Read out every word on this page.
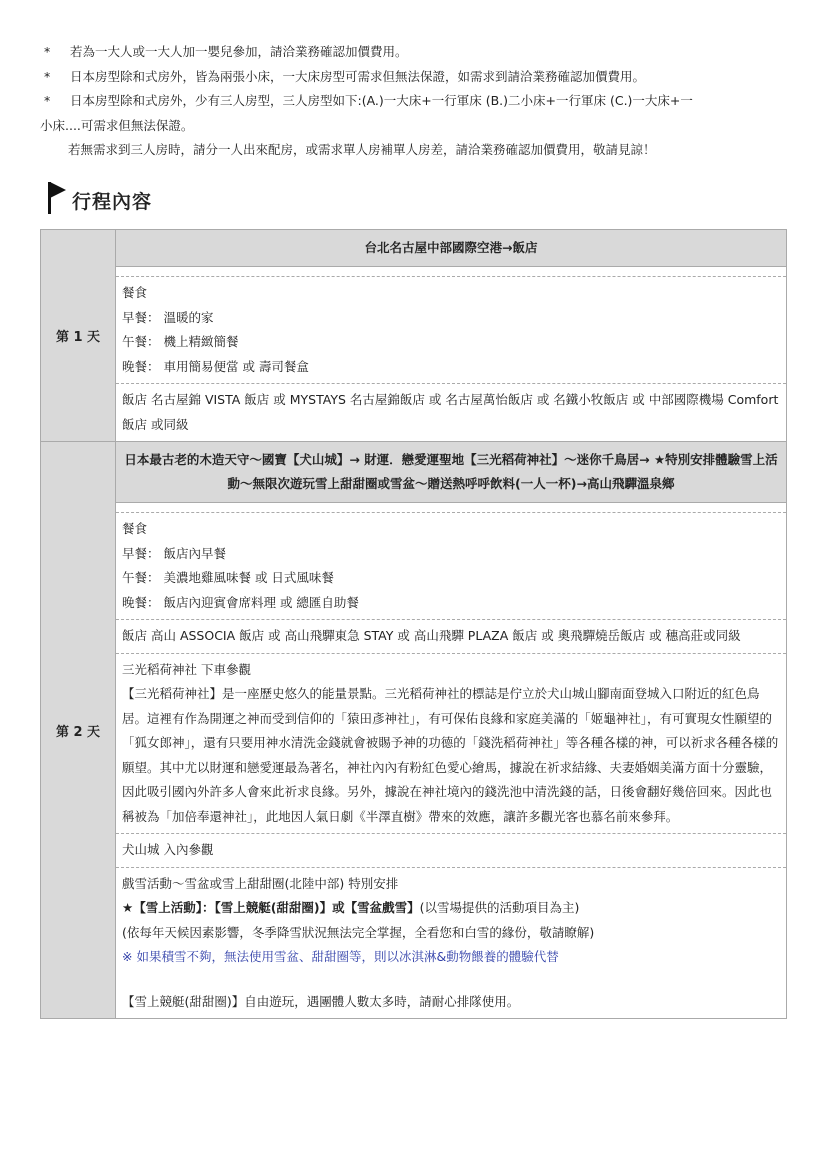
*	若為一大人或一大人加一嬰兒參加，請洽業務確認加價費用。
*	日本房型除和式房外，皆為兩張小床，一大床房型可需求但無法保證，如需求到請洽業務確認加價費用。
*	日本房型除和式房外，少有三人房型，三人房型如下:(A.)一大床+一行軍床 (B.)二小床+一行軍床 (C.)一大床+一
小床....可需求但無法保證。
若無需求到三人房時，請分一人出來配房，或需求單人房補單人房差，請洽業務確認加價費用，敬請見諒！
行程內容
第 1 天
台北名古屋中部國際空港→飯店
餐食
早餐： 溫暖的家
午餐： 機上精緻簡餐
晚餐： 車用簡易便當 或 壽司餐盒
飯店 名古屋錦 VISTA 飯店 或 MYSTAYS 名古屋錦飯店 或 名古屋萬怡飯店 或 名鐵小牧飯店 或 中部國際機場 Comfort 飯店 或同級
第 2 天
日本最古老的木造天守～國寶【犬山城】→ 財運．戀愛運聖地【三光稻荷神社】～迷你千鳥居→ ★特別安排體驗雪上活動～無限次遊玩雪上甜甜圈或雪盆～贈送熱呼呼飲料(一人一杯)→高山飛驒溫泉鄉
餐食
早餐： 飯店內早餐
午餐： 美濃地雞風味餐 或 日式風味餐
晚餐： 飯店內迎賓會席料理 或 總匯自助餐
飯店 高山 ASSOCIA 飯店 或 高山飛驒東急 STAY 或 高山飛驒 PLAZA 飯店 或 奧飛驒燒岳飯店 或 穗高莊或同級
三光稻荷神社 下車參觀
【三光稻荷神社】是一座歷史悠久的能量景點。三光稻荷神社的標誌是佇立於犬山城山腳南面登城入口附近的紅色鳥居。這裡有作為開運之神而受到信仰的「猿田彥神社」，有可保佑良緣和家庭美滿的「姬龜神社」，有可實現女性願望的「狐女郎神」，還有只要用神水清洗金錢就會被賜予神的功德的「錢洗稻荷神社」等各種各樣的神，可以祈求各種各樣的願望。其中尤以財運和戀愛運最為著名，神社內內有粉紅色愛心繪馬，據說在祈求結緣、夫妻婚姻美滿方面十分靈驗，因此吸引國內外許多人會來此祈求良緣。另外，據說在神社境內的錢洗池中清洗錢的話，日後會翻好幾倍回來。因此也稱被為「加倍奉還神社」，此地因人氣日劇《半澤直樹》帶來的效應，讓許多觀光客也慕名前來參拜。
犬山城 入內參觀
戲雪活動～雪盆或雪上甜甜圈(北陸中部) 特別安排
★【雪上活動】：【雪上競艇(甜甜圈)】或【雪盆戲雪】(以雪場提供的活動項目為主)
(依每年天候因素影響，冬季降雪狀況無法完全掌握，全看您和白雪的緣份，敬請瞭解)
※ 如果積雪不夠，無法使用雪盆、甜甜圈等，則以冰淇淋&動物餵養的體驗代替
【雪上競艇(甜甜圈)】自由遊玩，遇團體人數太多時，請耐心排隊使用。
